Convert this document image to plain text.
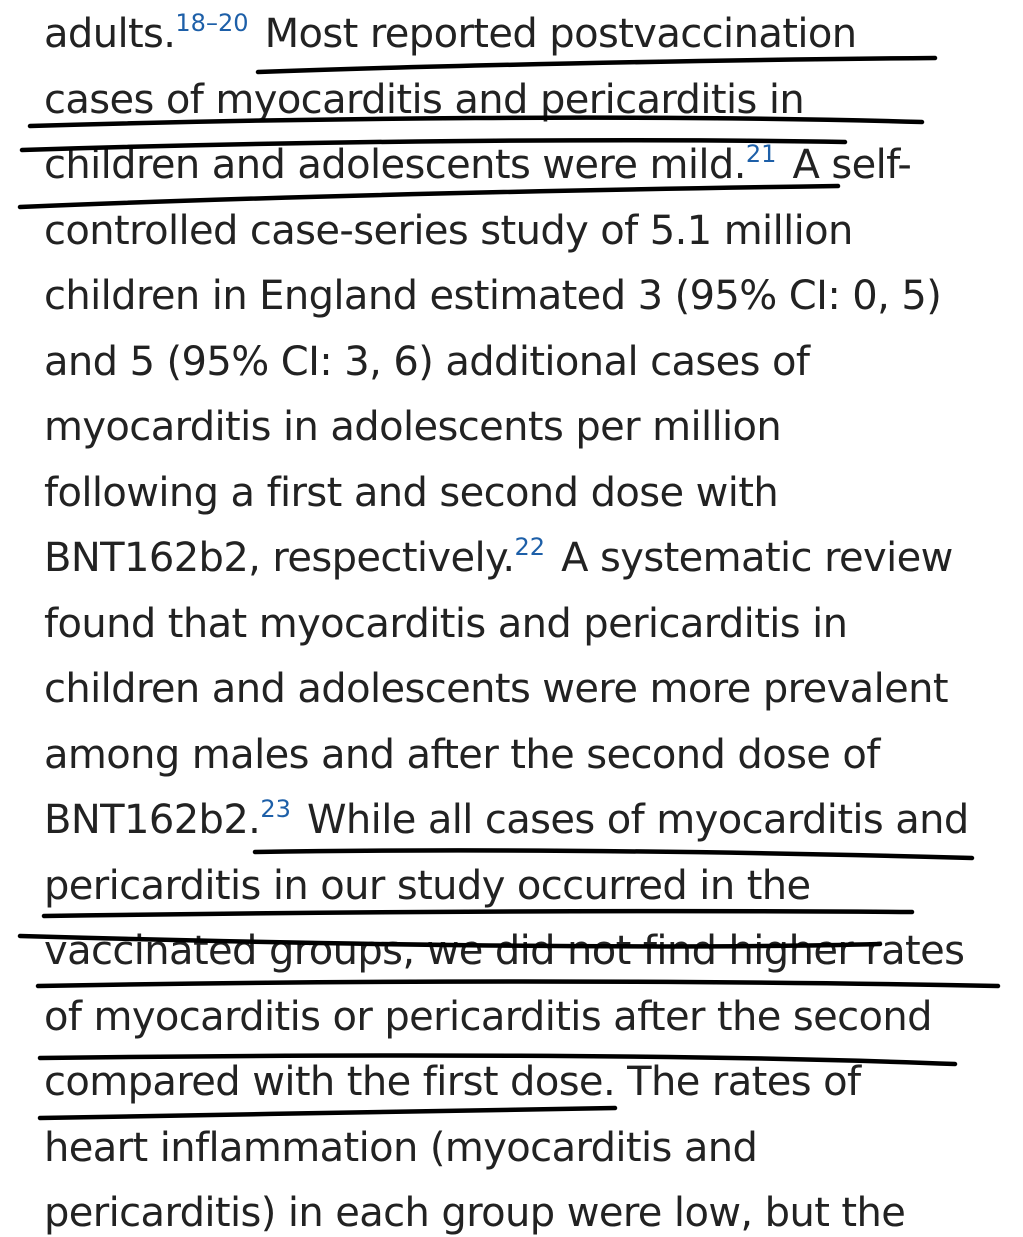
adults.$^{18-20}$ Most reported postvaccination
cases of myocarditis and pericarditis in
children and adolescents were mild.$^{21}$ A self-
controlled case-series study of 5.1 million
children in England estimated 3 (95% CI: 0, 5)
and 5 (95% CI: 3, 6) additional cases of
myocarditis in adolescents per million
following a first and second dose with
BNT162b2, respectively.$^{22}$ A systematic review
found that myocarditis and pericarditis in
children and adolescents were more prevalent
among males and after the second dose of
BNT162b2.23 While all cases of myocarditis and
pericarditis in our study occurred in the
vaccinated groups, we did not find higher rates
of myocarditis or pericarditis after the second
compared with the first dose. The rates of
heart inflammation (myocarditis and
pericarditis) in each group were low, but the
